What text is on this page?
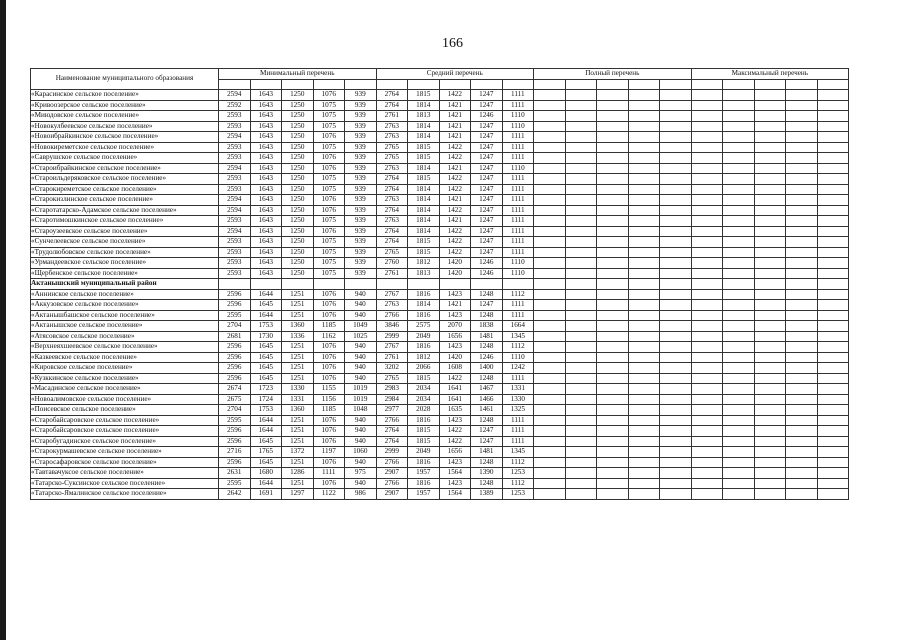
166
Наименование муниципального образования	Минимальный перечень					Средний перечень					Полный перечень					Максимальный перечень				

«Карасинское сельское поселение»	2594	1643	1250	1076	939	2764	1815	1422	1247	1111										
«Кривоозерское сельское поселение»	2592	1643	1250	1075	939	2764	1814	1421	1247	1111										
«Миюдовское сельское поселение»	2593	1643	1250	1075	939	2761	1813	1421	1246	1110										
«Новокулбеевское сельское поселение»	2593	1643	1250	1075	939	2763	1814	1421	1247	1110										
«Новоибрайкинское сельское поселение»	2594	1643	1250	1076	939	2763	1814	1421	1247	1111										
«Новокиреметское сельское поселение»	2593	1643	1250	1075	939	2765	1815	1422	1247	1111										
«Саврушское сельское поселение»	2593	1643	1250	1076	939	2765	1815	1422	1247	1111										
«Староибрайкинское сельское поселение»	2594	1643	1250	1076	939	2763	1814	1421	1247	1110										
«Староильдеряковское сельское поселение»	2593	1643	1250	1075	939	2764	1815	1422	1247	1111										
«Старокиреметское сельское поселение»	2593	1643	1250	1075	939	2764	1814	1422	1247	1111										
«Старокизлинское сельское поселение»	2594	1643	1250	1076	939	2763	1814	1421	1247	1111										
«Старотатарско-Адамское сельское поселение»	2594	1643	1250	1076	939	2764	1814	1422	1247	1111										
«Старотимошкинское сельское поселение»	2593	1643	1250	1075	939	2763	1814	1421	1247	1111										
«Староузеевское сельское поселение»	2594	1643	1250	1076	939	2764	1814	1422	1247	1111										
«Сунчелеевское сельское поселение»	2593	1643	1250	1075	939	2764	1815	1422	1247	1111										
«Трудолюбовское сельское поселение»	2593	1643	1250	1075	939	2765	1815	1422	1247	1111										
«Урмандеевское сельское поселение»	2593	1643	1250	1075	939	2760	1812	1420	1246	1110										
«Щербенское сельское поселение»	2593	1643	1250	1075	939	2761	1813	1420	1246	1110										
Актанышский муниципальный район																				
«Аннинское сельское поселение»	2596	1644	1251	1076	940	2767	1816	1423	1248	1112										
«Аккузовское сельское поселение»	2596	1645	1251	1076	940	2763	1814	1421	1247	1111										
«Актанышбашское сельское поселение»	2595	1644	1251	1076	940	2766	1816	1423	1248	1111										
«Актанышское сельское поселение»	2704	1753	1360	1185	1049	3846	2575	2070	1838	1664										
«Атясовское сельское поселение»	2681	1730	1336	1162	1025	2999	2049	1656	1481	1345										
«Верхнеяхшеевское сельское поселение»	2596	1645	1251	1076	940	2767	1816	1423	1248	1112										
«Казкеевское сельское поселение»	2596	1645	1251	1076	940	2761	1812	1420	1246	1110										
«Кировское сельское поселение»	2596	1645	1251	1076	940	3202	2066	1608	1400	1242										
«Кузккинское сельское поселение»	2596	1645	1251	1076	940	2765	1815	1422	1248	1111										
«Масадинское сельское поселение»	2674	1723	1330	1155	1019	2983	2034	1641	1467	1331										
«Новоалимовское сельское поселение»	2675	1724	1331	1156	1019	2984	2034	1641	1466	1330										
«Поисевское сельское поселение»	2704	1753	1360	1185	1048	2977	2028	1635	1461	1325										
«Старобайсаровское сельское поселение»	2595	1644	1251	1076	940	2766	1816	1423	1248	1111										
«Старобайсаровское сельское поселение»	2596	1644	1251	1076	940	2764	1815	1422	1247	1111										
«Старобугадинское сельское поселение»	2596	1645	1251	1076	940	2764	1815	1422	1247	1111										
«Старокурмашевское сельское поселение»	2716	1765	1372	1197	1060	2999	2049	1656	1481	1345										
«Старосафаровское сельское поселение»	2596	1645	1251	1076	940	2766	1816	1423	1248	1112										
«Тавтавачуксое сельское поселение»	2631	1680	1286	1111	975	2907	1957	1564	1390	1253										
«Татарско-Суксинское сельское поселение»	2595	1644	1251	1076	940	2766	1816	1423	1248	1112										
«Татарско-Ямалинское сельское поселение»	2642	1691	1297	1122	986	2907	1957	1564	1389	1253										
